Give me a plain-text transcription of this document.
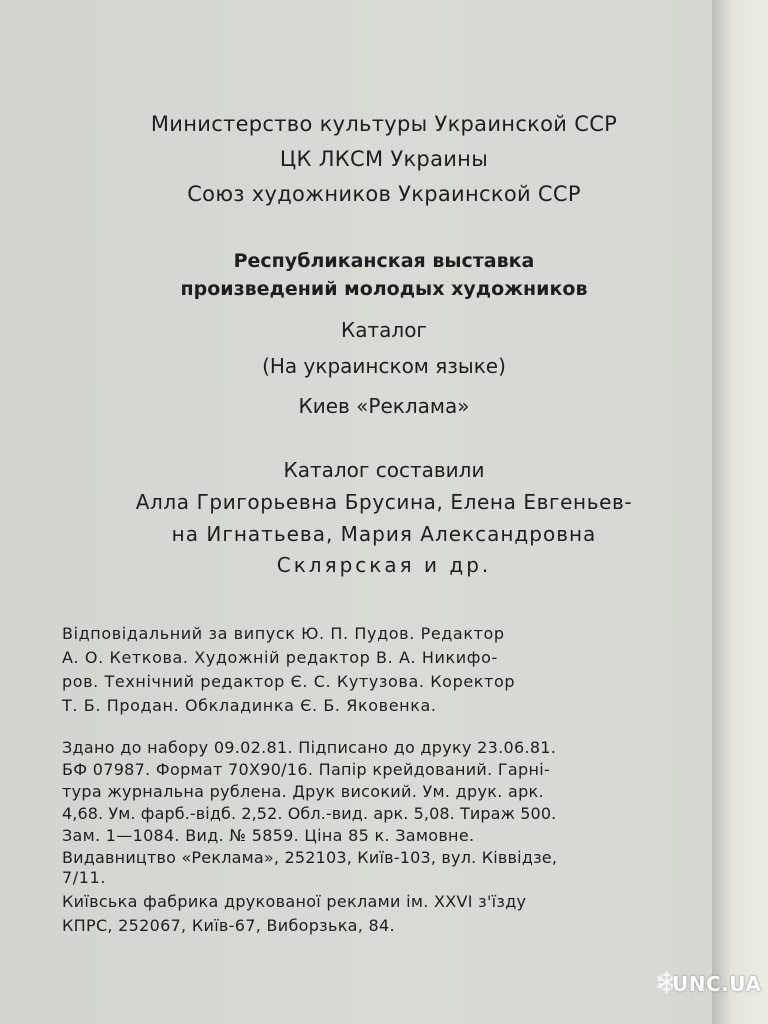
Министерство культуры Украинской ССР
ЦК ЛКСМ Украины
Союз художников Украинской ССР
Республиканская выставка
произведений молодых художников
Каталог
(На украинском языке)
Киев «Реклама»
Каталог составили
Алла Григорьевна Брусина, Елена Евгеньев-
на Игнатьева, Мария Александровна
Склярская и др.
Відповідальний за випуск Ю. П. Пудов. Редактор
А. О. Кеткова. Художній редактор В. А. Никифо-
ров. Технічний редактор Є. С. Кутузова. Коректор
Т. Б. Продан. Обкладинка Є. Б. Яковенка.
Здано до набору 09.02.81. Підписано до друку 23.06.81.
БФ 07987. Формат 70Х90/16. Папір крейдований. Гарні-
тура журнальна рублена. Друк високий. Ум. друк. арк.
4,68. Ум. фарб.-відб. 2,52. Обл.-вид. арк. 5,08. Тираж 500.
Зам. 1—1084. Вид. № 5859. Ціна 85 к. Замовне.
Видавництво «Реклама», 252103, Київ-103, вул. Ківвідзе,
7/11.
Київська фабрика друкованої реклами ім. XXVI з'їзду
КПРС, 252067, Київ-67, Виборзька, 84.
❄
UNC.UA
